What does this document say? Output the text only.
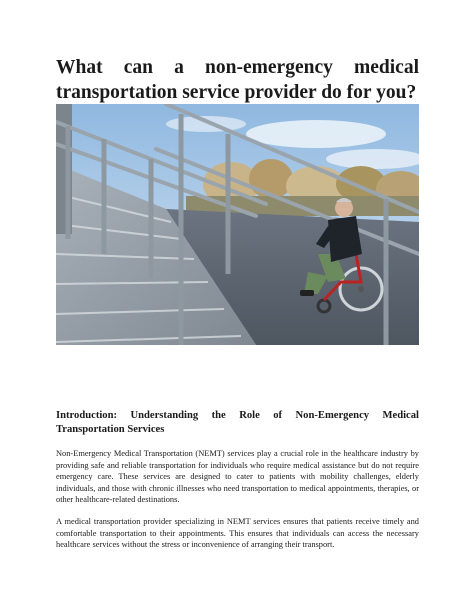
What can a non-emergency medical
transportation service provider do for you?
Introduction: Understanding the Role of Non-Emergency Medical Transportation Services

Non-Emergency Medical Transportation (NEMT) services play a crucial role in the healthcare industry by providing safe and reliable transportation for individuals who require medical assistance but do not require emergency care. These services are designed to cater to patients with mobility challenges, elderly individuals, and those with chronic illnesses who need transportation to medical appointments, therapies, or other healthcare-related destinations.

A medical transportation provider specializing in NEMT services ensures that patients receive timely and comfortable transportation to their appointments. This ensures that individuals can access the necessary healthcare services without the stress or inconvenience of arranging their transport.
